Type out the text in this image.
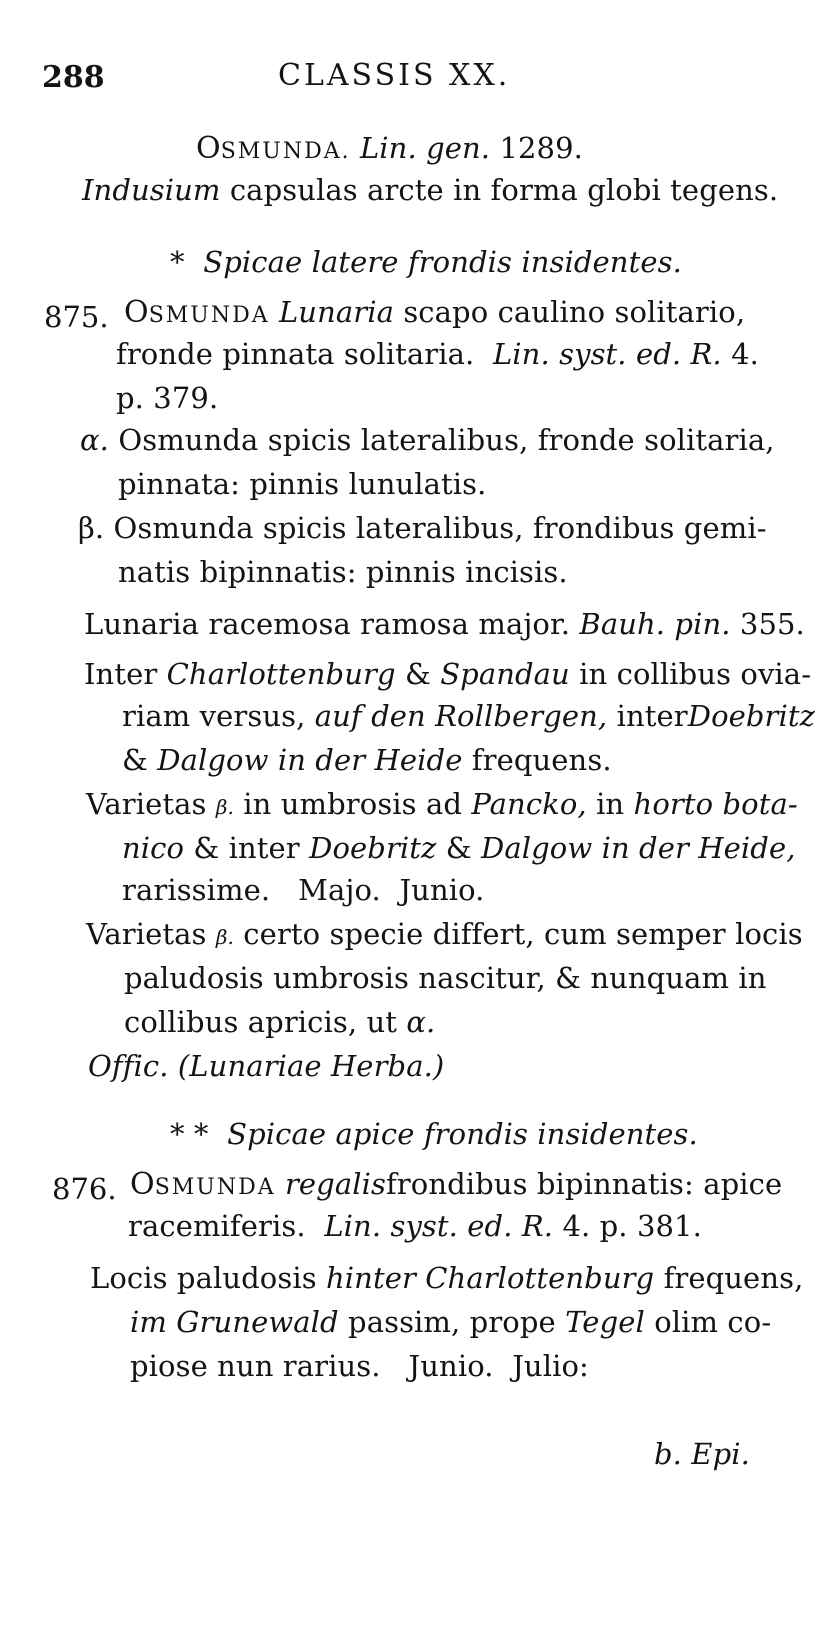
288	CLASSIS XX.
OSMUNDA. Lin. gen. 1289.
Indusium capsulas arcte in forma globi tegens.
* Spicae latere frondis insidentes.
875. OSMUNDA Lunaria scapo caulino solitario,
fronde pinnata solitaria. Lin. syst. ed. R. 4.
p. 379.
α. Osmunda spicis lateralibus, fronde solitaria,
pinnata: pinnis lunulatis.
β. Osmunda spicis lateralibus, frondibus gemi-
natis bipinnatis: pinnis incisis.
Lunaria racemosa ramosa major. Bauh. pin. 355.
Inter Charlottenburg & Spandau in collibus ovia-
riam versus, auf den Rollbergen, interDoebritz
& Dalgow in der Heide frequens.
Varietas β. in umbrosis ad Pancko, in horto bota-
nico & inter Doebritz & Dalgow in der Heide,
rarissime.   Majo.  Junio.
Varietas β. certo specie differt, cum semper locis
paludosis umbrosis nascitur, & nunquam in
collibus apricis, ut α.
Offic. (Lunariae Herba.)
* * Spicae apice frondis insidentes.
876. OSMUNDA regalisfrondibus bipinnatis: apice
racemiferis. Lin. syst. ed. R. 4. p. 381.
Locis paludosis hinter Charlottenburg frequens,
im Grunewald passim, prope Tegel olim co-
piose nun rarius.   Junio.  Julio:
b. Epi.
